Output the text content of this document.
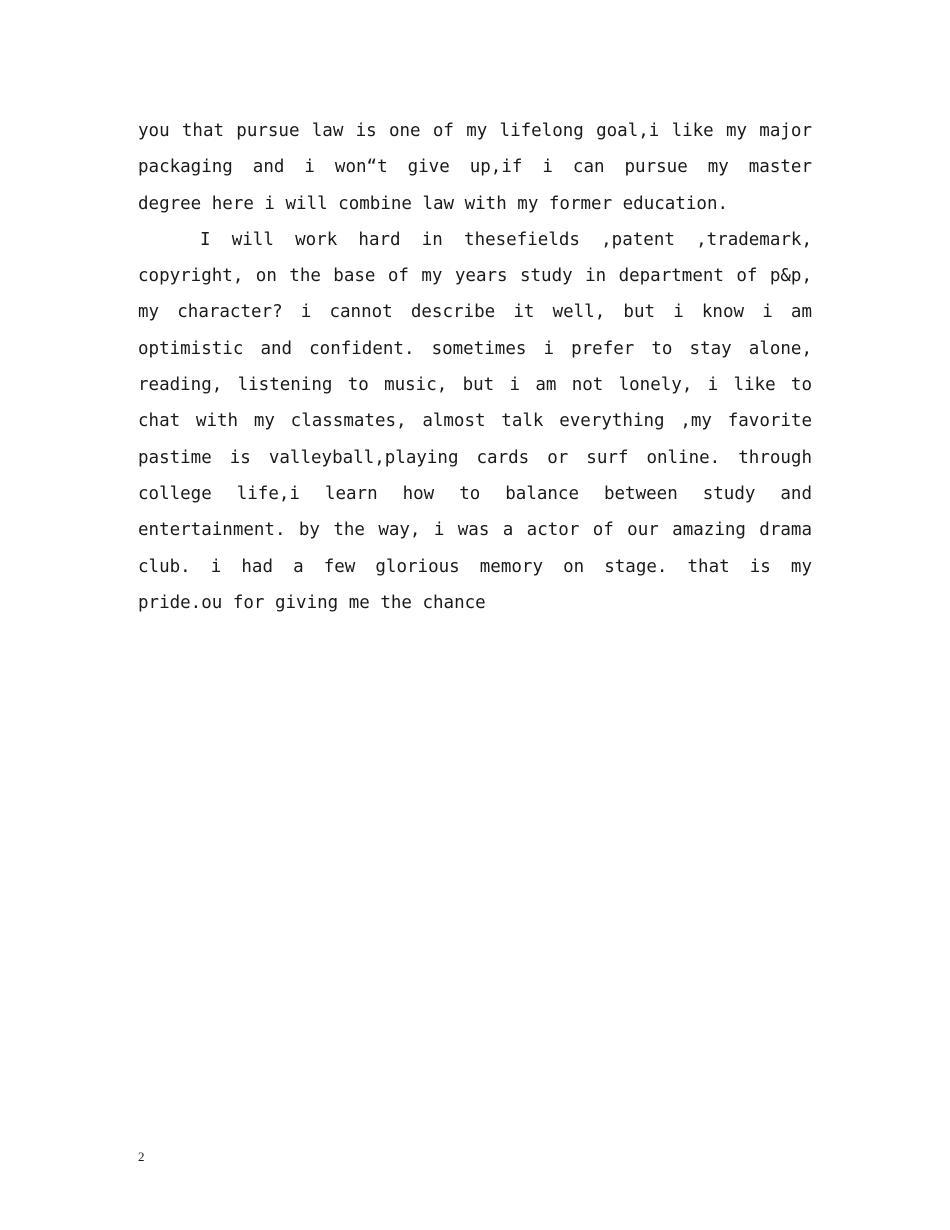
you that pursue law is one of my lifelong goal,i like my major
packaging and i won“t give up,if i can pursue my master
degree here i will combine law with my former education.
I will work hard in thesefields ,patent ,trademark,
copyright, on the base of my years study in department of p&p,
my character? i cannot describe it well, but i know i am
optimistic and confident. sometimes i prefer to stay alone,
reading, listening to music, but i am not lonely, i like to
chat with my classmates, almost talk everything ,my favorite
pastime is valleyball,playing cards or surf online. through
college life,i learn how to balance between study and
entertainment. by the way, i was a actor of our amazing drama
club. i had a few glorious memory on stage. that is my
pride.ou for giving me the chance
2
